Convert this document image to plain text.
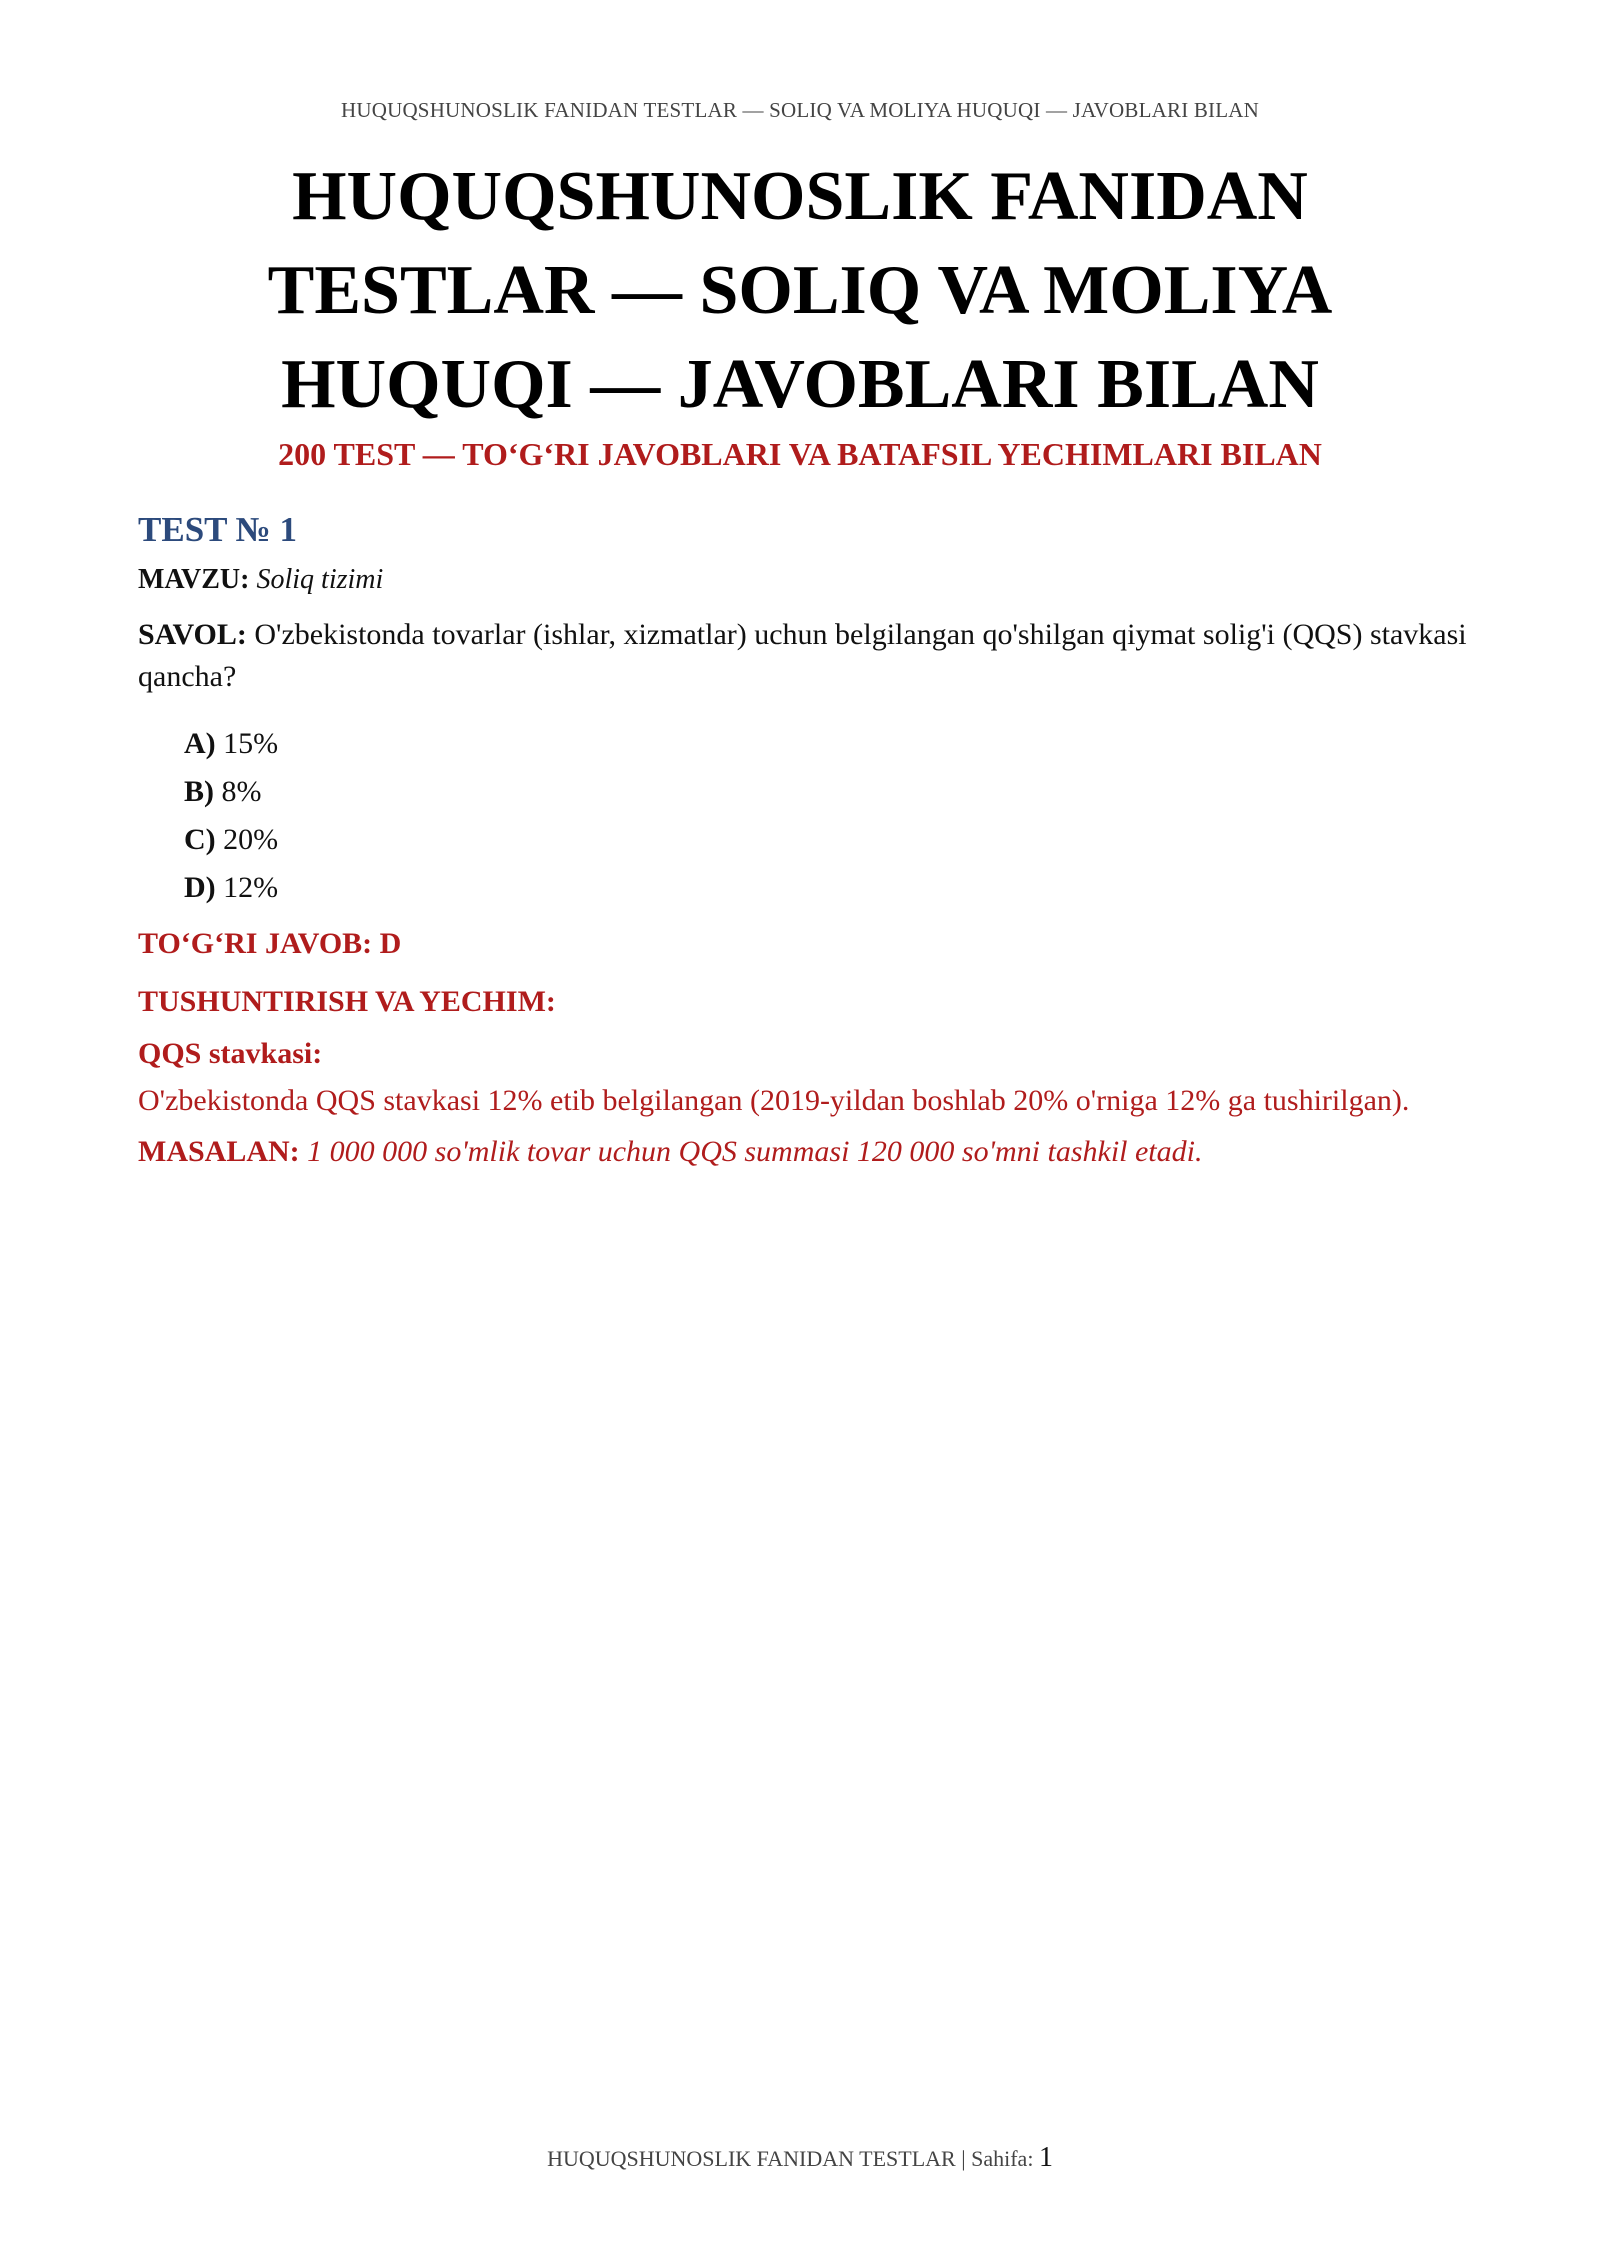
HUQUQSHUNOSLIK FANIDAN TESTLAR — SOLIQ VA MOLIYA HUQUQI — JAVOBLARI BILAN
HUQUQSHUNOSLIK FANIDAN TESTLAR — SOLIQ VA MOLIYA HUQUQI — JAVOBLARI BILAN
200 TEST — TO‘G‘RI JAVOBLARI VA BATAFSIL YECHIMLARI BILAN
TEST № 1
MAVZU: Soliq tizimi
SAVOL: O'zbekistonda tovarlar (ishlar, xizmatlar) uchun belgilangan qo'shilgan qiymat solig'i (QQS) stavkasi qancha?
A) 15%
B) 8%
C) 20%
D) 12%
TO‘G‘RI JAVOB: D
TUSHUNTIRISH VA YECHIM:
QQS stavkasi:
O'zbekistonda QQS stavkasi 12% etib belgilangan (2019-yildan boshlab 20% o'rniga 12% ga tushirilgan).
MASALAN: 1 000 000 so'mlik tovar uchun QQS summasi 120 000 so'mni tashkil etadi.
HUQUQSHUNOSLIK FANIDAN TESTLAR | Sahifa: 1
